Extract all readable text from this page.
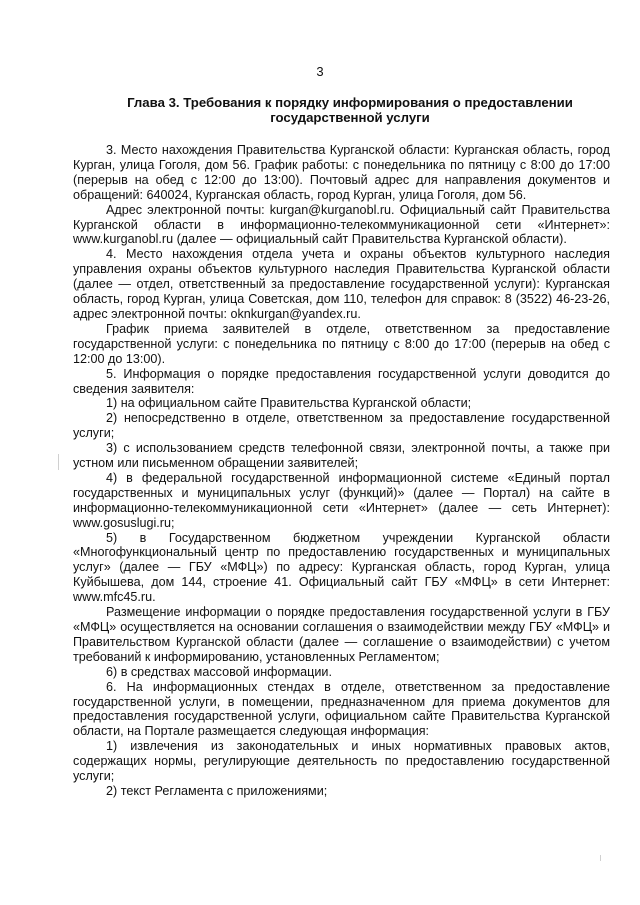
3
Глава 3. Требования к порядку информирования о предоставлении государственной услуги

3. Место нахождения Правительства Курганской области: Курганская область, город Курган, улица Гоголя, дом 56. График работы: с понедельника по пятницу с 8:00 до 17:00 (перерыв на обед с 12:00 до 13:00). Почтовый адрес для направления документов и обращений: 640024, Курганская область, город Курган, улица Гоголя, дом 56.

Адрес электронной почты: kurgan@kurganobl.ru. Официальный сайт Правительства Курганской области в информационно-телекоммуникационной сети «Интернет»: www.kurganobl.ru (далее — официальный сайт Правительства Курганской области).

4. Место нахождения отдела учета и охраны объектов культурного наследия управления охраны объектов культурного наследия Правительства Курганской области (далее — отдел, ответственный за предоставление государственной услуги): Курганская область, город Курган, улица Советская, дом 110, телефон для справок: 8 (3522) 46-23-26, адрес электронной почты: oknkurgan@yandex.ru.

График приема заявителей в отделе, ответственном за предоставление государственной услуги: с понедельника по пятницу с 8:00 до 17:00 (перерыв на обед с 12:00 до 13:00).

5. Информация о порядке предоставления государственной услуги доводится до сведения заявителя:

1) на официальном сайте Правительства Курганской области;

2) непосредственно в отделе, ответственном за предоставление государственной услуги;

3) с использованием средств телефонной связи, электронной почты, а также при устном или письменном обращении заявителей;

4) в федеральной государственной информационной системе «Единый портал государственных и муниципальных услуг (функций)» (далее — Портал) на сайте в информационно-телекоммуникационной сети «Интернет» (далее — сеть Интернет): www.gosuslugi.ru;

5) в Государственном бюджетном учреждении Курганской области «Многофункциональный центр по предоставлению государственных и муниципальных услуг» (далее — ГБУ «МФЦ») по адресу: Курганская область, город Курган, улица Куйбышева, дом 144, строение 41. Официальный сайт ГБУ «МФЦ» в сети Интернет: www.mfc45.ru.

Размещение информации о порядке предоставления государственной услуги в ГБУ «МФЦ» осуществляется на основании соглашения о взаимодействии между ГБУ «МФЦ» и Правительством Курганской области (далее — соглашение о взаимодействии) с учетом требований к информированию, установленных Регламентом;

6) в средствах массовой информации.

6. На информационных стендах в отделе, ответственном за предоставление государственной услуги, в помещении, предназначенном для приема документов для предоставления государственной услуги, официальном сайте Правительства Курганской области, на Портале размещается следующая информация:

1) извлечения из законодательных и иных нормативных правовых актов, содержащих нормы, регулирующие деятельность по предоставлению государственной услуги;

2) текст Регламента с приложениями;
